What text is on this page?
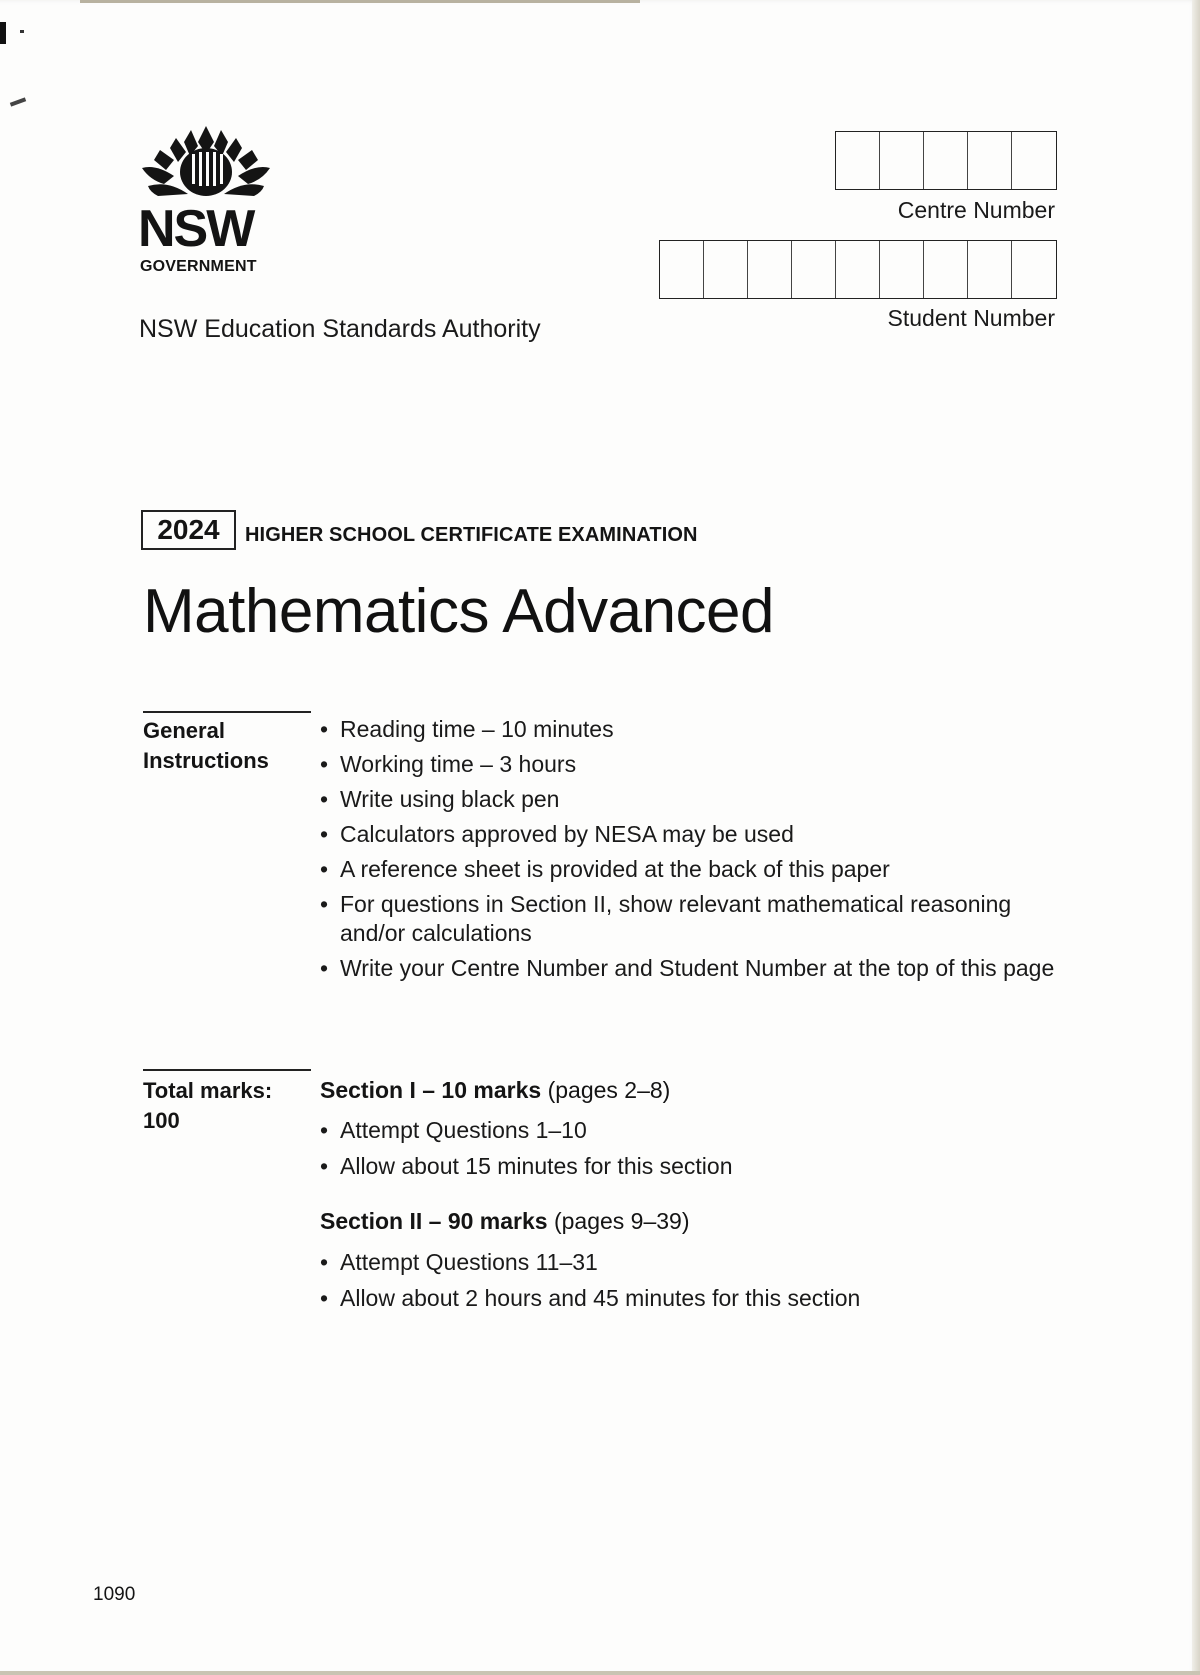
NSW
GOVERNMENT
NSW Education Standards Authority
Centre Number
Student Number
2024	HIGHER SCHOOL CERTIFICATE EXAMINATION
Mathematics Advanced
General
Instructions
• Reading time – 10 minutes
• Working time – 3 hours
• Write using black pen
• Calculators approved by NESA may be used
• A reference sheet is provided at the back of this paper
• For questions in Section II, show relevant mathematical reasoning and/or calculations
• Write your Centre Number and Student Number at the top of this page
Total marks:
100
Section I – 10 marks (pages 2–8)
• Attempt Questions 1–10
• Allow about 15 minutes for this section
Section II – 90 marks (pages 9–39)
• Attempt Questions 11–31
• Allow about 2 hours and 45 minutes for this section
1090
